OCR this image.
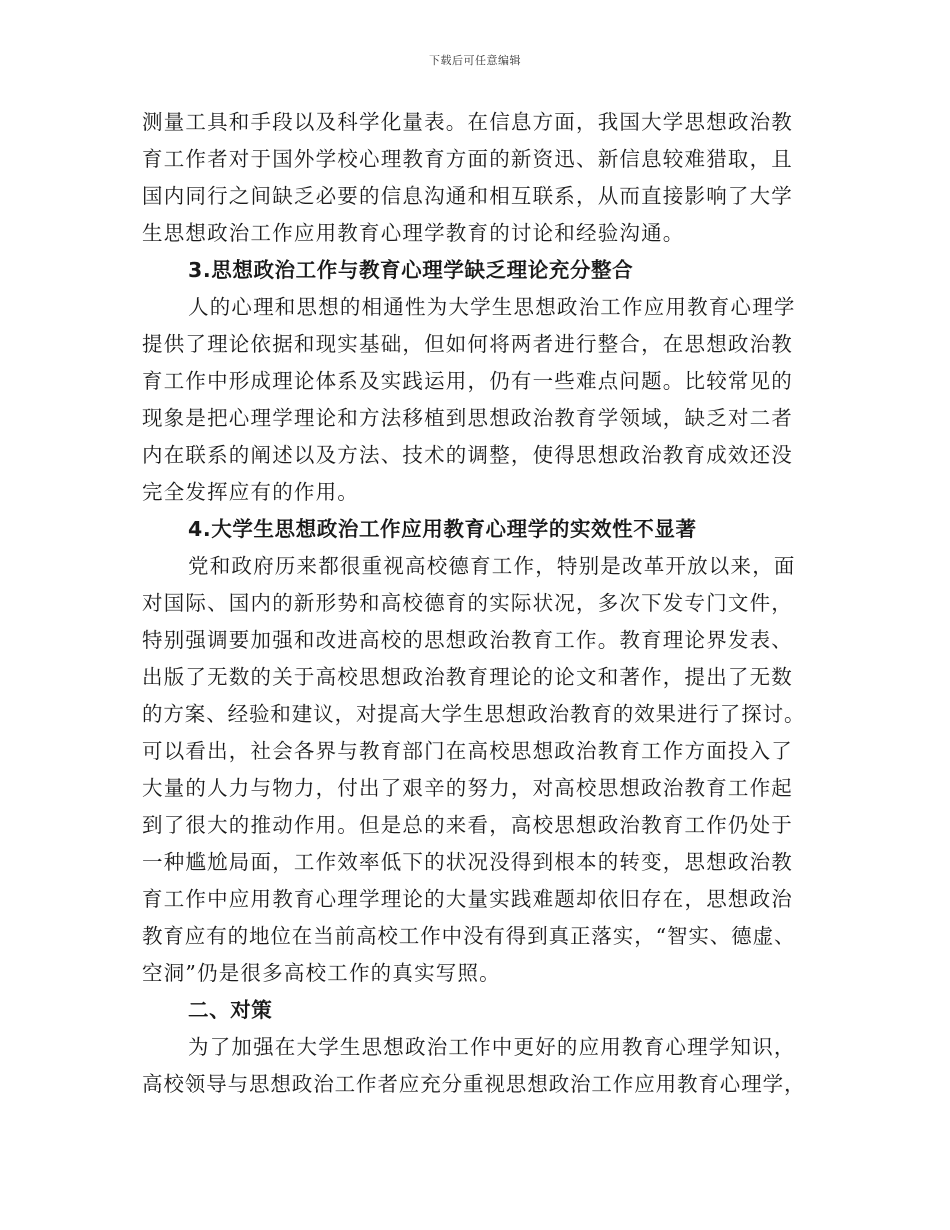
下载后可任意编辑
测量工具和手段以及科学化量表。在信息方面，我国大学思想政治教
育工作者对于国外学校心理教育方面的新资迅、新信息较难猎取，且
国内同行之间缺乏必要的信息沟通和相互联系，从而直接影响了大学
生思想政治工作应用教育心理学教育的讨论和经验沟通。
3.思想政治工作与教育心理学缺乏理论充分整合
人的心理和思想的相通性为大学生思想政治工作应用教育心理学
提供了理论依据和现实基础，但如何将两者进行整合，在思想政治教
育工作中形成理论体系及实践运用，仍有一些难点问题。比较常见的
现象是把心理学理论和方法移植到思想政治教育学领域，缺乏对二者
内在联系的阐述以及方法、技术的调整，使得思想政治教育成效还没
完全发挥应有的作用。
4.大学生思想政治工作应用教育心理学的实效性不显著
党和政府历来都很重视高校德育工作，特别是改革开放以来，面
对国际、国内的新形势和高校德育的实际状况，多次下发专门文件，
特别强调要加强和改进高校的思想政治教育工作。教育理论界发表、
出版了无数的关于高校思想政治教育理论的论文和著作，提出了无数
的方案、经验和建议，对提高大学生思想政治教育的效果进行了探讨。
可以看出，社会各界与教育部门在高校思想政治教育工作方面投入了
大量的人力与物力，付出了艰辛的努力，对高校思想政治教育工作起
到了很大的推动作用。但是总的来看，高校思想政治教育工作仍处于
一种尴尬局面，工作效率低下的状况没得到根本的转变，思想政治教
育工作中应用教育心理学理论的大量实践难题却依旧存在，思想政治
教育应有的地位在当前高校工作中没有得到真正落实，“智实、德虚、
空洞”仍是很多高校工作的真实写照。
二、对策
为了加强在大学生思想政治工作中更好的应用教育心理学知识，
高校领导与思想政治工作者应充分重视思想政治工作应用教育心理学，
